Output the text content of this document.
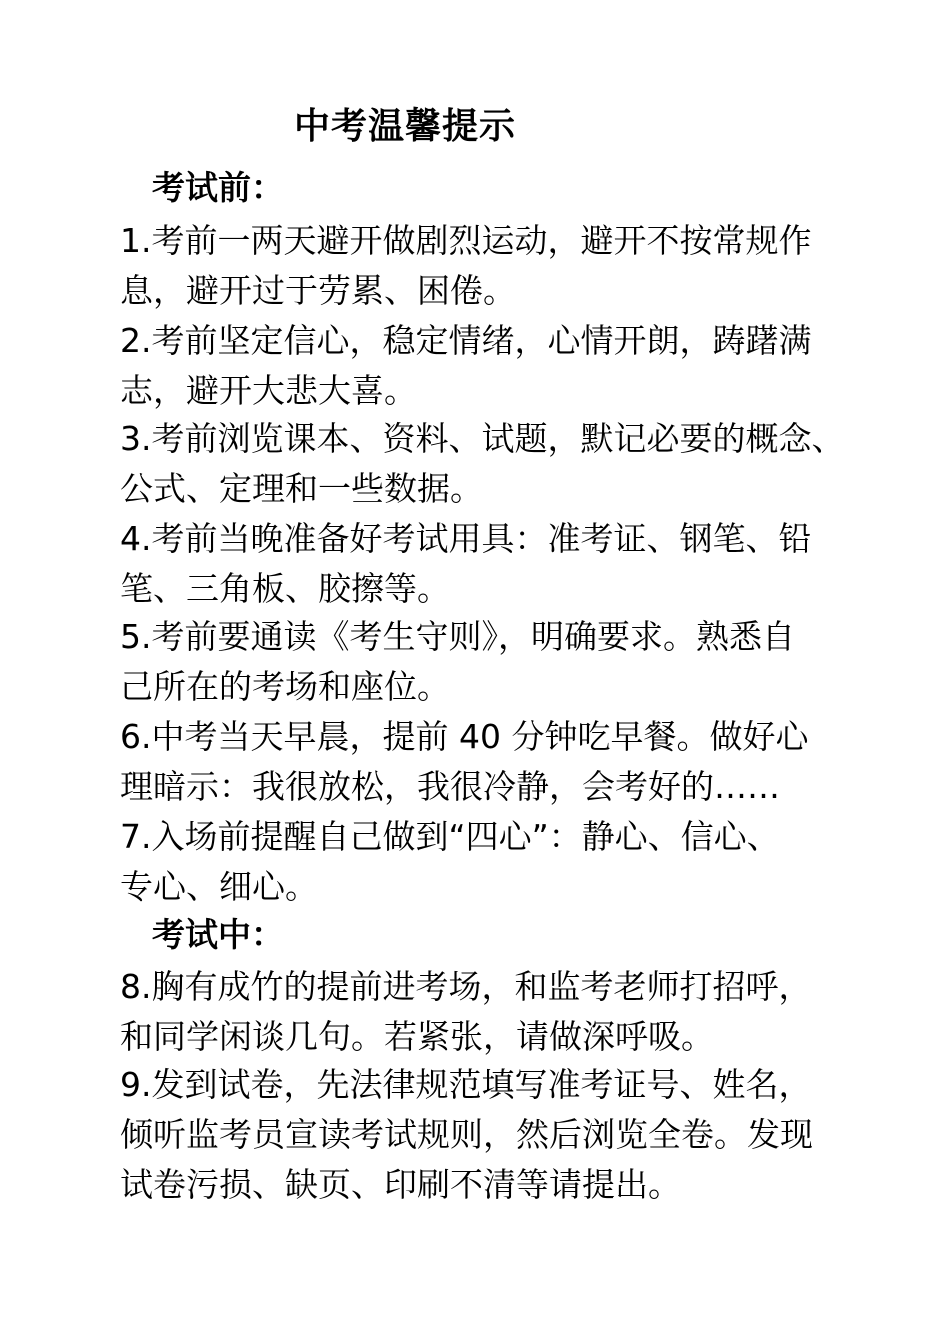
中考温馨提示
考试前：

1.考前一两天避开做剧烈运动，避开不按常规作

息，避开过于劳累、困倦。

2.考前坚定信心，稳定情绪，心情开朗，踌躇满

志，避开大悲大喜。

3.考前浏览课本、资料、试题，默记必要的概念、

公式、定理和一些数据。

4.考前当晚准备好考试用具：准考证、钢笔、铅

笔、三角板、胶擦等。

5.考前要通读《考生守则》，明确要求。熟悉自

己所在的考场和座位。

6.中考当天早晨，提前 40 分钟吃早餐。做好心

理暗示：我很放松，我很冷静，会考好的……

7.入场前提醒自己做到“四心”：静心、信心、

专心、细心。

考试中：

8.胸有成竹的提前进考场，和监考老师打招呼，

和同学闲谈几句。若紧张，请做深呼吸。

9.发到试卷，先法律规范填写准考证号、姓名，

倾听监考员宣读考试规则，然后浏览全卷。发现

试卷污损、缺页、印刷不清等请提出。
